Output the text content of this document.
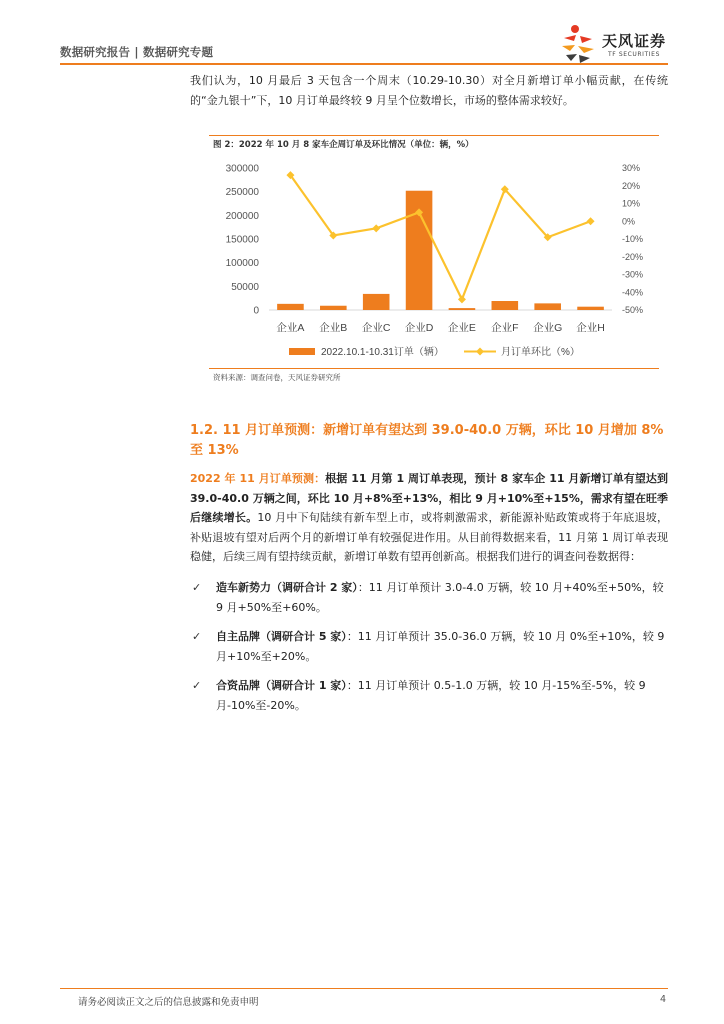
数据研究报告 | 数据研究专题
天风证券
TF SECURITIES
我们认为，10 月最后 3 天包含一个周末（10.29-10.30）对全月新增订单小幅贡献，在传统的“金九银十”下，10 月订单最终较 9 月呈个位数增长，市场的整体需求较好。
图 2：2022 年 10 月 8 家车企周订单及环比情况（单位：辆，%）
0
50000
100000
150000
200000
250000
300000	30%
20%
10%
0%
-10%
-20%
-30%
-40%
-50%
企业A 企业B 企业C 企业D 企业E 企业F 企业G 企业H
2022.10.1-10.31订单（辆）	月订单环比（%）
资料来源：调查问卷，天风证券研究所
1.2. 11 月订单预测：新增订单有望达到 39.0-40.0 万辆，环比 10 月增加 8%至 13%
2022 年 11 月订单预测：根据 11 月第 1 周订单表现，预计 8 家车企 11 月新增订单有望达到 39.0-40.0 万辆之间，环比 10 月+8%至+13%，相比 9 月+10%至+15%，需求有望在旺季后继续增长。10 月中下旬陆续有新车型上市，或将刺激需求，新能源补贴政策或将于年底退坡，补贴退坡有望对后两个月的新增订单有较强促进作用。从目前得数据来看，11 月第 1 周订单表现稳健，后续三周有望持续贡献，新增订单数有望再创新高。根据我们进行的调查问卷数据得：
✓ 造车新势力（调研合计 2 家）：11 月订单预计 3.0-4.0 万辆，较 10 月+40%至+50%，较 9 月+50%至+60%。
✓ 自主品牌（调研合计 5 家）：11 月订单预计 35.0-36.0 万辆，较 10 月 0%至+10%，较 9 月+10%至+20%。
✓ 合资品牌（调研合计 1 家）：11 月订单预计 0.5-1.0 万辆，较 10 月-15%至-5%，较 9 月-10%至-20%。
请务必阅读正文之后的信息披露和免责申明	4
